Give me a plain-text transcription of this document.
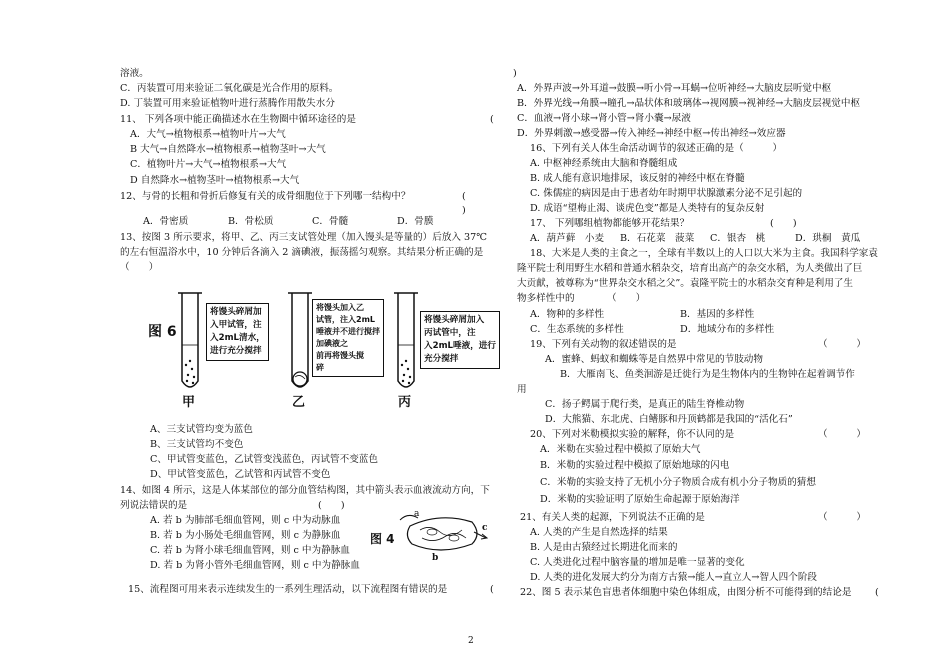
溶液。
C．丙装置可用来验证二氧化碳是光合作用的原料。
D. 丁装置可用来验证植物叶进行蒸腾作用散失水分
11、 下列各项中能正确描述水在生物圈中循环途径的是	(
A．大气→植物根系→植物叶片→大气
B 大气→自然降水→植物根系→植物茎叶→大气
C．植物叶片→大气→植物根系→大气
D 自然降水→植物茎叶→植物根系→大气
12、与骨的长粗和骨折后修复有关的成骨细胞位于下列哪一结构中？	(
)
A．骨密质	B．骨松质	C．骨髓	D．骨膜
13、按图 3 所示要求，将甲、乙、丙三支试管处理（加入馒头是等量的）后放入 37℃
的左右恒温浴水中，10 分钟后各滴入 2 滴碘液，振荡摇匀观察。其结果分析正确的是
（　　）
A、三支试管均变为蓝色
B、三支试管均不变色
C、甲试管变蓝色，乙试管变浅蓝色，丙试管不变蓝色
D、甲试管变蓝色，乙试管和丙试管不变色
14、如图 4 所示，这是人体某部位的部分血管结构图，其中箭头表示血液流动方向，下
列说法错误的是	(　　)
A. 若 b 为肺部毛细血管网，则 c 中为动脉血
B. 若 b 为小肠处毛细血管网，则 c 为静脉血
C. 若 b 为肾小球毛细血管网，则 c 中为静脉血
D. 若 b 为肾小管外毛细血管网，则 c 中为静脉血
15、流程图可用来表示连续发生的一系列生理活动，以下流程图有错误的是	(
)
A．外界声波→外耳道→鼓膜→听小骨→耳蜗→位听神经→大脑皮层听觉中枢
B．外界光线→角膜→瞳孔→晶状体和玻璃体→视网膜→视神经→大脑皮层视觉中枢
C．血液→肾小球→肾小管→肾小囊→尿液
D．外界刺激→感受器→传入神经→神经中枢→传出神经→效应器
16、下列有关人体生命活动调节的叙述正确的是（　　　）
A. 中枢神经系统由大脑和脊髓组成
B. 成人能有意识地排尿，该反射的神经中枢在脊髓
C. 侏儒症的病因是由于患者幼年时期甲状腺激素分泌不足引起的
D. 成语“望梅止渴、谈虎色变”都是人类特有的复杂反射
17、 下列哪组植物都能够开花结果？	(　　)
A．葫芦藓　小麦 B．石花菜　菠菜 C．银杏　桃	D．珙桐　黄瓜
18、大米是人类的主食之一，全球有半数以上的人口以大米为主食。我国科学家袁
隆平院士利用野生水稻和普通水稻杂交，培育出高产的杂交水稻，为人类做出了巨
大贡献，被尊称为“世界杂交水稻之父”。袁隆平院士的水稻杂交育种是利用了生
物多样性中的	（　　）
A．物种的多样性	B．基因的多样性
C．生态系统的多样性	D．地域分布的多样性
19、下列有关动物的叙述错误的是	（　　　）
A．蜜蜂、蚂蚁和蜘蛛等是自然界中常见的节肢动物
B．大雁南飞、鱼类洄游是迁徙行为是生物体内的生物钟在起着调节作
用
C．扬子鳄属于爬行类，是真正的陆生脊椎动物
D．大熊猫、东北虎、白鳍豚和丹顶鹤都是我国的“活化石”
20、下列对米勒模拟实验的解释，你不认同的是	（　　　）
A．米勒在实验过程中模拟了原始大气
B．米勒的实验过程中模拟了原始地球的闪电
C．米勒的实验支持了无机小分子物质合成有机小分子物质的猜想
D．米勒的实验证明了原始生命起源于原始海洋
21、有关人类的起源，下列说法不正确的是	（　　　）
A. 人类的产生是自然选择的结果
B. 人是由古猿经过长期进化而来的
C. 人类进化过程中脑容量的增加是唯一显著的变化
D. 人类的进化发展大约分为南方古猿→能人→直立人→智人四个阶段
22、图 5 表示某色盲患者体细胞中染色体组成，由图分析不可能得到的结论是 (
图 6
将馒头碎屑加
入甲试管，注
入2mL清水，
进行充分搅拌
将馒头加入乙
试管，注入2mL
唾液并不进行搅拌
加碘液之
前再将馒头搅
碎
将馒头碎屑加入
丙试管中，注
入2mL唾液，进行
充分搅拌
甲	乙	丙
图 4
a
b
c
2
